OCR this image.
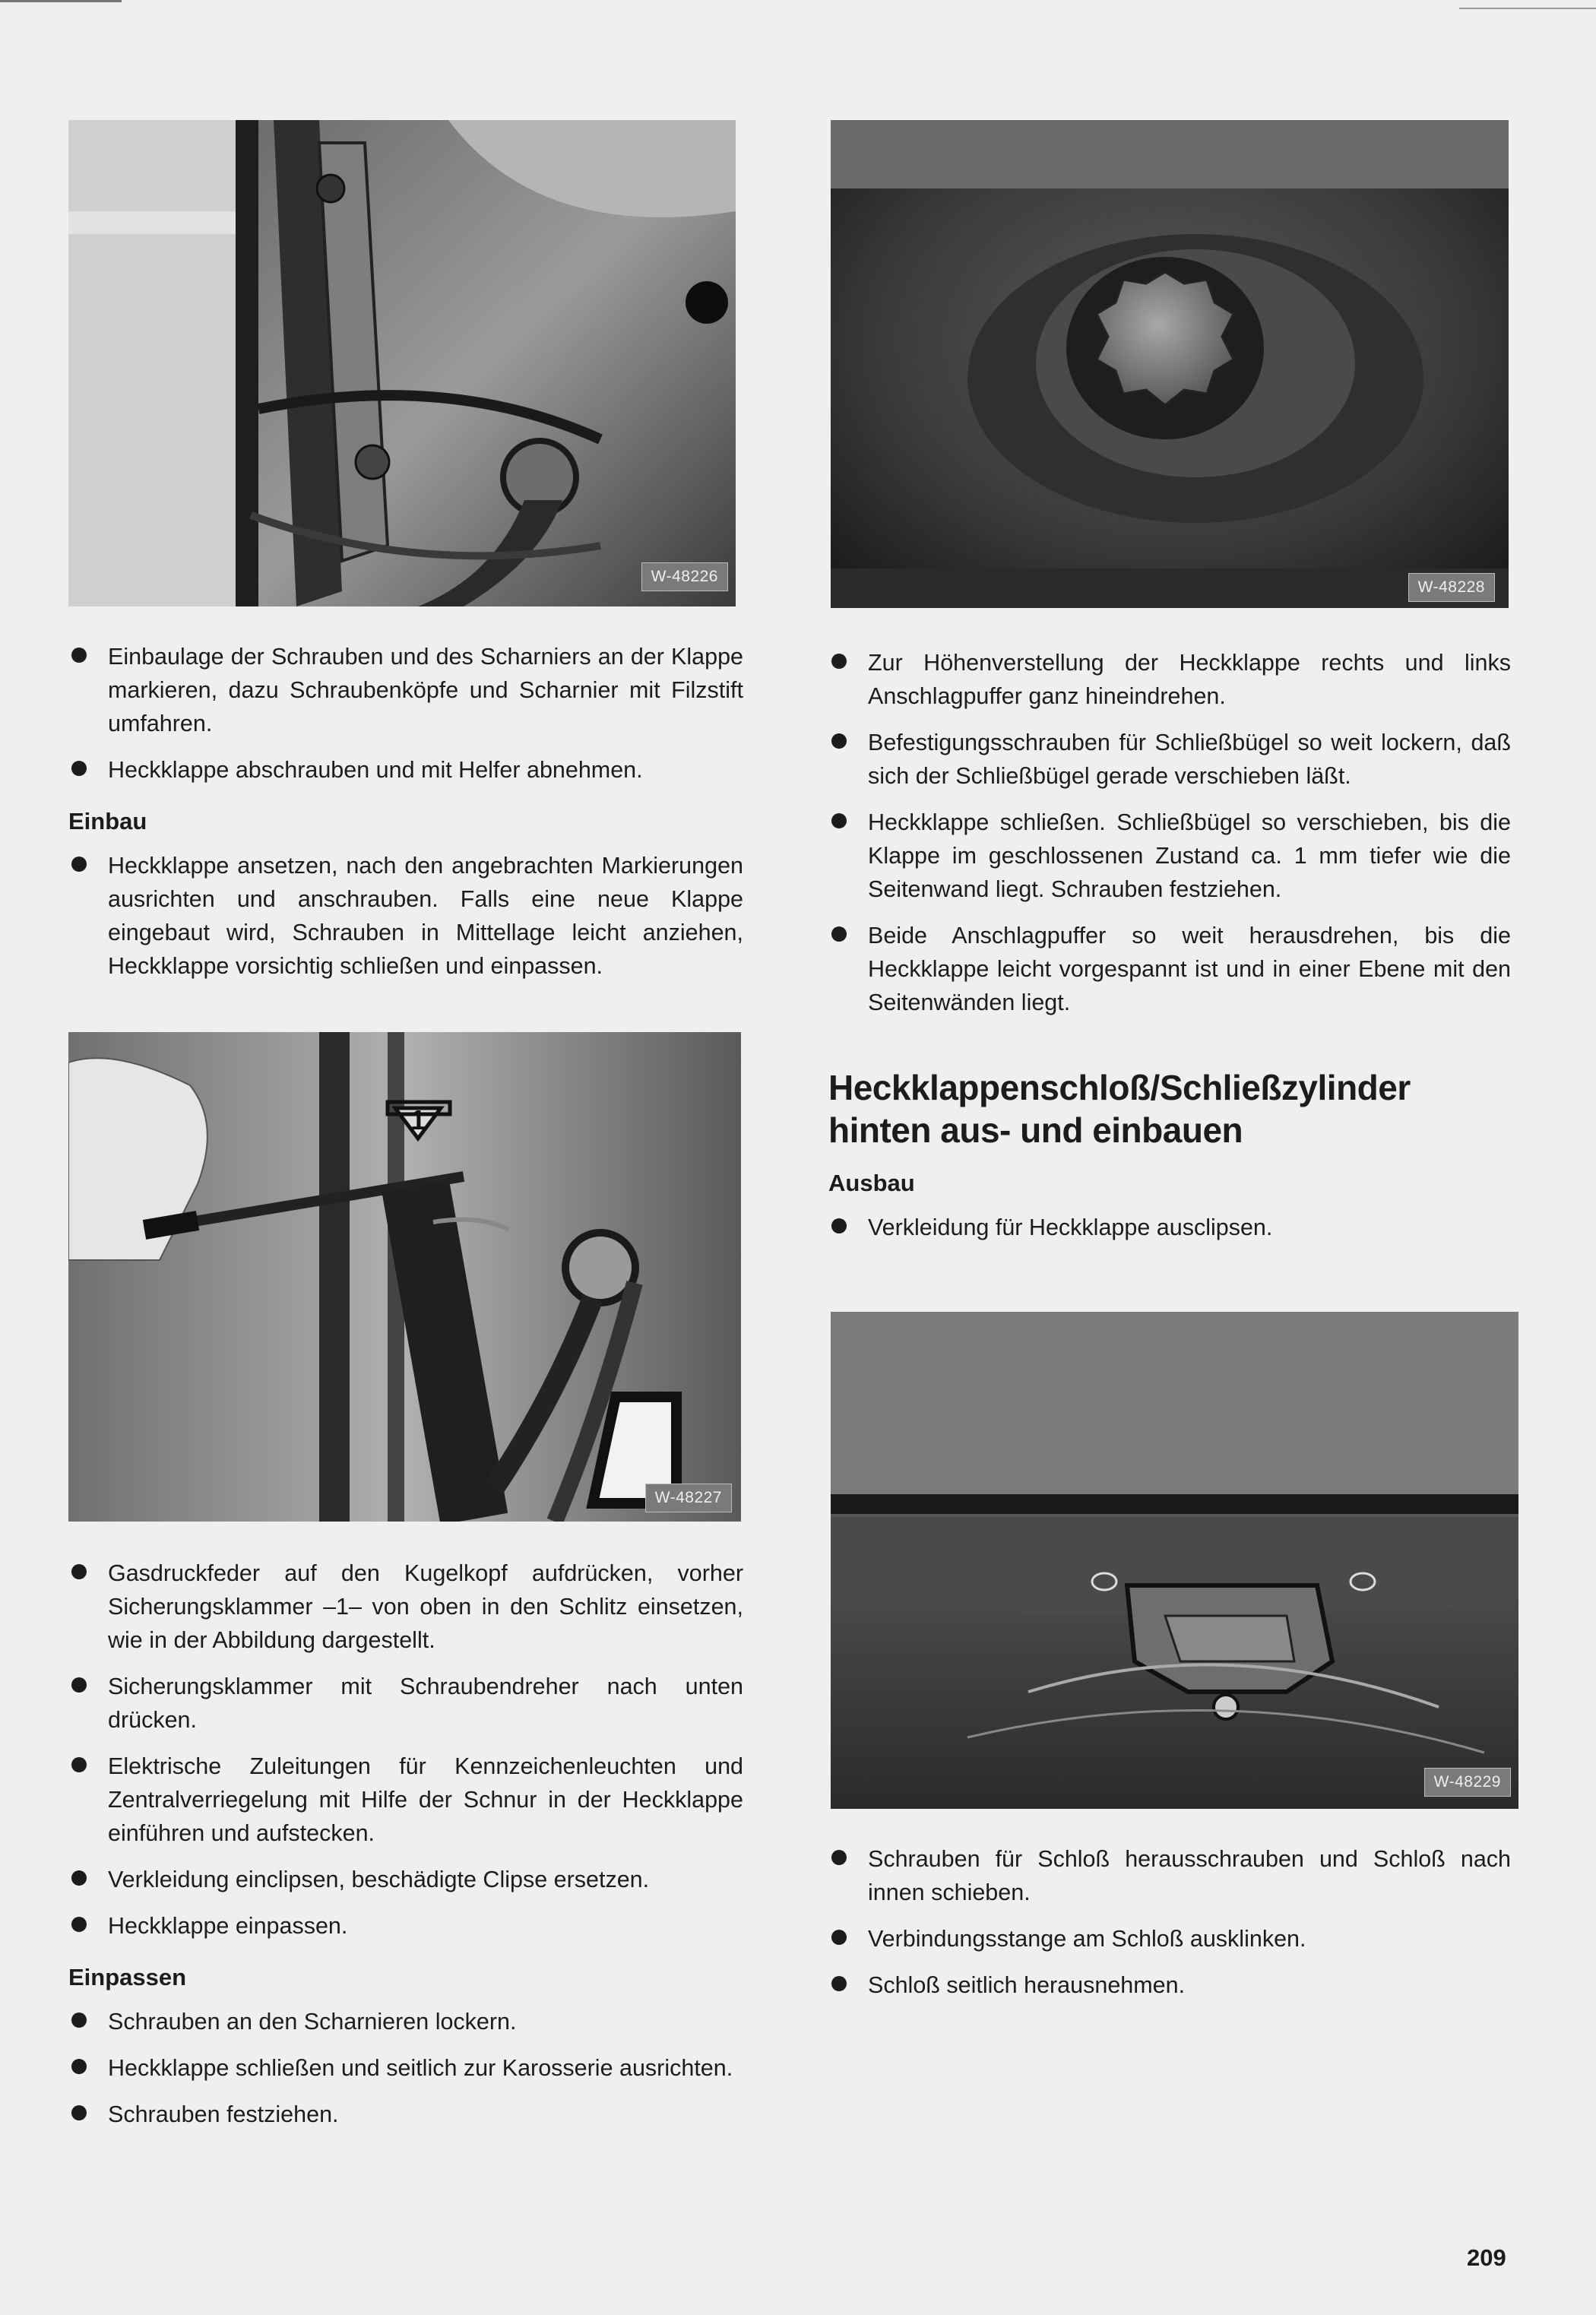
W-48226
W-48228
Einbaulage der Schrauben und des Scharniers an der Klappe markieren, dazu Schraubenköpfe und Scharnier mit Filzstift umfahren.
Heckklappe abschrauben und mit Helfer abnehmen.
Einbau
Heckklappe ansetzen, nach den angebrachten Markierungen ausrichten und anschrauben. Falls eine neue Klappe eingebaut wird, Schrauben in Mittellage leicht anziehen, Heckklappe vorsichtig schließen und einpassen.
1
W-48227
Gasdruckfeder auf den Kugelkopf aufdrücken, vorher Sicherungsklammer –1– von oben in den Schlitz einsetzen, wie in der Abbildung dargestellt.
Sicherungsklammer mit Schraubendreher nach unten drücken.
Elektrische Zuleitungen für Kennzeichenleuchten und Zentralverriegelung mit Hilfe der Schnur in der Heckklappe einführen und aufstecken.
Verkleidung einclipsen, beschädigte Clipse ersetzen.
Heckklappe einpassen.
Einpassen
Schrauben an den Scharnieren lockern.
Heckklappe schließen und seitlich zur Karosserie ausrichten.
Schrauben festziehen.
Zur Höhenverstellung der Heckklappe rechts und links Anschlagpuffer ganz hineindrehen.
Befestigungsschrauben für Schließbügel so weit lockern, daß sich der Schließbügel gerade verschieben läßt.
Heckklappe schließen. Schließbügel so verschieben, bis die Klappe im geschlossenen Zustand ca. 1 mm tiefer wie die Seitenwand liegt. Schrauben festziehen.
Beide Anschlagpuffer so weit herausdrehen, bis die Heckklappe leicht vorgespannt ist und in einer Ebene mit den Seitenwänden liegt.
Heckklappenschloß/Schließzylinder hinten aus- und einbauen
Ausbau
Verkleidung für Heckklappe ausclipsen.
W-48229
Schrauben für Schloß herausschrauben und Schloß nach innen schieben.
Verbindungsstange am Schloß ausklinken.
Schloß seitlich herausnehmen.
209
